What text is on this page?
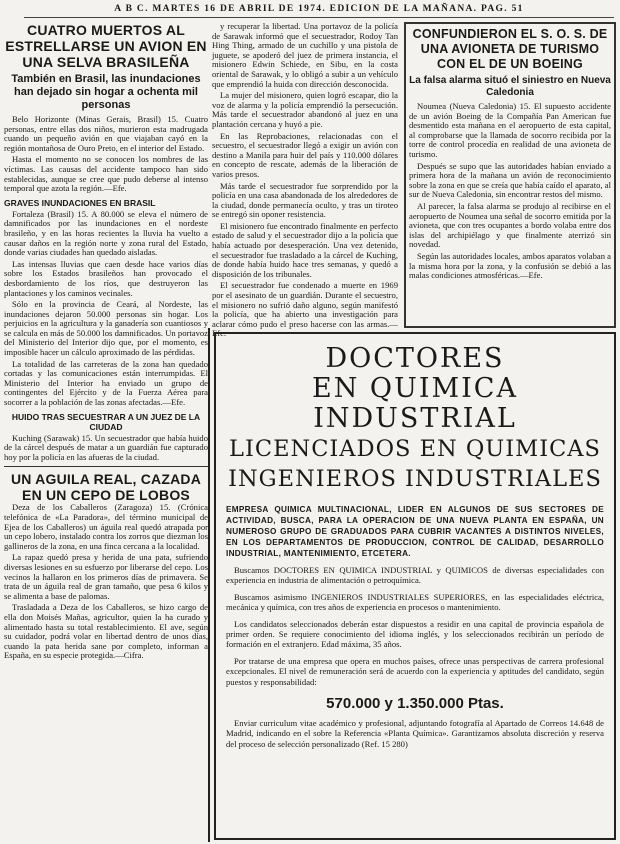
A B C. MARTES 16 DE ABRIL DE 1974. EDICION DE LA MAÑANA. PAG. 51
CUATRO MUERTOS AL ESTRELLARSE UN AVION EN UNA SELVA BRASILEÑA
También en Brasil, las inundaciones han dejado sin hogar a ochenta mil personas

Belo Horizonte (Minas Gerais, Brasil) 15. Cuatro personas, entre ellas dos niños, murieron esta madrugada cuando un pequeño avión en que viajaban cayó en la región montañosa de Ouro Preto, en el interior del Estado.

Hasta el momento no se conocen los nombres de las víctimas. Las causas del accidente tampoco han sido establecidas, aunque se cree que pudo deberse al intenso temporal que azota la región.—Efe.

GRAVES INUNDACIONES EN BRASIL

Fortaleza (Brasil) 15. A 80.000 se eleva el número de damnificados por las inundaciones en el nordeste brasileño, y en las horas recientes la lluvia ha vuelto a causar daños en la región norte y zona rural del Estado, donde varias ciudades han quedado aisladas.

Las intensas lluvias que caen desde hace varios días sobre los Estados brasileños han provocado el desbordamiento de los ríos, que destruyeron las plantaciones y los caminos vecinales.

Sólo en la provincia de Ceará, al Nordeste, las inundaciones dejaron 50.000 personas sin hogar. Los perjuicios en la agricultura y la ganadería son cuantiosos y se calcula en más de 50.000 los damnificados. Un portavoz del Ministerio del Interior dijo que, por el momento, es imposible hacer un cálculo aproximado de las pérdidas.

La totalidad de las carreteras de la zona han quedado cortadas y las comunicaciones están interrumpidas. El Ministerio del Interior ha enviado un grupo de contingentes del Ejército y de la Fuerza Aérea para socorrer a la población de las zonas afectadas.—Efe.

HUIDO TRAS SECUESTRAR A UN JUEZ DE LA CIUDAD

Kuching (Sarawak) 15. Un secuestrador que había huido de la cárcel después de matar a un guardián fue capturado hoy por la policía en las afueras de la ciudad.

UN AGUILA REAL, CAZADA EN UN CEPO DE LOBOS

Deza de los Caballeros (Zaragoza) 15. (Crónica telefónica de «La Paradora», del término municipal de Ejea de los Caballeros) un águila real quedó atrapada por un cepo lobero, instalado contra los zorros que diezman los gallineros de la zona, en una finca cercana a la localidad.

La rapaz quedó presa y herida de una pata, sufriendo diversas lesiones en su esfuerzo por liberarse del cepo. Los vecinos la hallaron en los primeros días de primavera. Se trata de un águila real de gran tamaño, que pesa 6 kilos y se alimenta a base de palomas.

Trasladada a Deza de los Caballeros, se hizo cargo de ella don Moisés Mañas, agricultor, quien la ha curado y alimentado hasta su total restablecimiento. El ave, según su cuidador, podrá volar en libertad dentro de unos días, cuando la pata herida sane por completo, informan a España, en su especie protegida.—Cifra.

y recuperar la libertad. Una portavoz de la policía de Sarawak informó que el secuestrador, Rodoy Tan Hing Thing, armado de un cuchillo y una pistola de juguete, se apoderó del juez de primera instancia, el misionero Edwin Schiede, en Sibu, en la costa oriental de Sarawak, y lo obligó a subir a un vehículo que emprendió la huida con dirección desconocida.

La mujer del misionero, quien logró escapar, dio la voz de alarma y la policía emprendió la persecución. Más tarde el secuestrador abandonó al juez en una plantación cercana y huyó a pie.

En las Reprobaciones, relacionadas con el secuestro, el secuestrador llegó a exigir un avión con destino a Manila para huir del país y 110.000 dólares en concepto de rescate, además de la liberación de varios presos.

Más tarde el secuestrador fue sorprendido por la policía en una casa abandonada de los alrededores de la ciudad, donde permanecía oculto, y tras un tiroteo se entregó sin oponer resistencia.

El misionero fue encontrado finalmente en perfecto estado de salud y el secuestrador dijo a la policía que había actuado por desesperación. Una vez detenido, el secuestrador fue trasladado a la cárcel de Kuching, de donde había huido hace tres semanas, y quedó a disposición de los tribunales.

El secuestrador fue condenado a muerte en 1969 por el asesinato de un guardián. Durante el secuestro, el misionero no sufrió daño alguno, según manifestó la policía, que ha abierto una investigación para aclarar cómo pudo el preso hacerse con las armas.—Efe.

CONFUNDIERON EL S. O. S. DE UNA AVIONETA DE TURISMO CON EL DE UN BOEING
La falsa alarma situó el siniestro en Nueva Caledonia

Noumea (Nueva Caledonia) 15. El supuesto accidente de un avión Boeing de la Compañía Pan American fue desmentido esta mañana en el aeropuerto de esta capital, al comprobarse que la llamada de socorro recibida por la torre de control procedía en realidad de una avioneta de turismo.

Después se supo que las autoridades habían enviado a primera hora de la mañana un avión de reconocimiento sobre la zona en que se creía que había caído el aparato, al sur de Nueva Caledonia, sin encontrar restos del mismo.

Al parecer, la falsa alarma se produjo al recibirse en el aeropuerto de Noumea una señal de socorro emitida por la avioneta, que con tres ocupantes a bordo volaba entre dos islas del archipiélago y que finalmente aterrizó sin novedad.

Según las autoridades locales, ambos aparatos volaban a la misma hora por la zona, y la confusión se debió a las malas condiciones atmosféricas.—Efe.

DOCTORES
EN QUIMICA INDUSTRIAL
LICENCIADOS EN QUIMICAS
INGENIEROS INDUSTRIALES
EMPRESA QUIMICA MULTINACIONAL, LIDER EN ALGUNOS DE SUS SECTORES DE ACTIVIDAD, BUSCA, PARA LA OPERACION DE UNA NUEVA PLANTA EN ESPAÑA, UN NUMEROSO GRUPO DE GRADUADOS PARA CUBRIR VACANTES A DISTINTOS NIVELES, EN LOS DEPARTAMENTOS DE PRODUCCION, CONTROL DE CALIDAD, DESARROLLO INDUSTRIAL, MANTENIMIENTO, ETCETERA.

Buscamos DOCTORES EN QUIMICA INDUSTRIAL y QUIMICOS de diversas especialidades con experiencia en industria de alimentación o petroquímica.

Buscamos asimismo INGENIEROS INDUSTRIALES SUPERIORES, en las especialidades eléctrica, mecánica y química, con tres años de experiencia en procesos o mantenimiento.

Los candidatos seleccionados deberán estar dispuestos a residir en una capital de provincia española de primer orden. Se requiere conocimiento del idioma inglés, y los seleccionados recibirán un período de formación en el extranjero. Edad máxima, 35 años.

Por tratarse de una empresa que opera en muchos países, ofrece unas perspectivas de carrera profesional excepcionales. El nivel de remuneración será de acuerdo con la experiencia y aptitudes del candidato, según puestos y responsabilidad:

570.000 y 1.350.000 Ptas.

Enviar curriculum vitae académico y profesional, adjuntando fotografía al Apartado de Correos 14.648 de Madrid, indicando en el sobre la Referencia «Planta Química». Garantizamos absoluta discreción y reserva del proceso de selección personalizado (Ref. 15 280)
